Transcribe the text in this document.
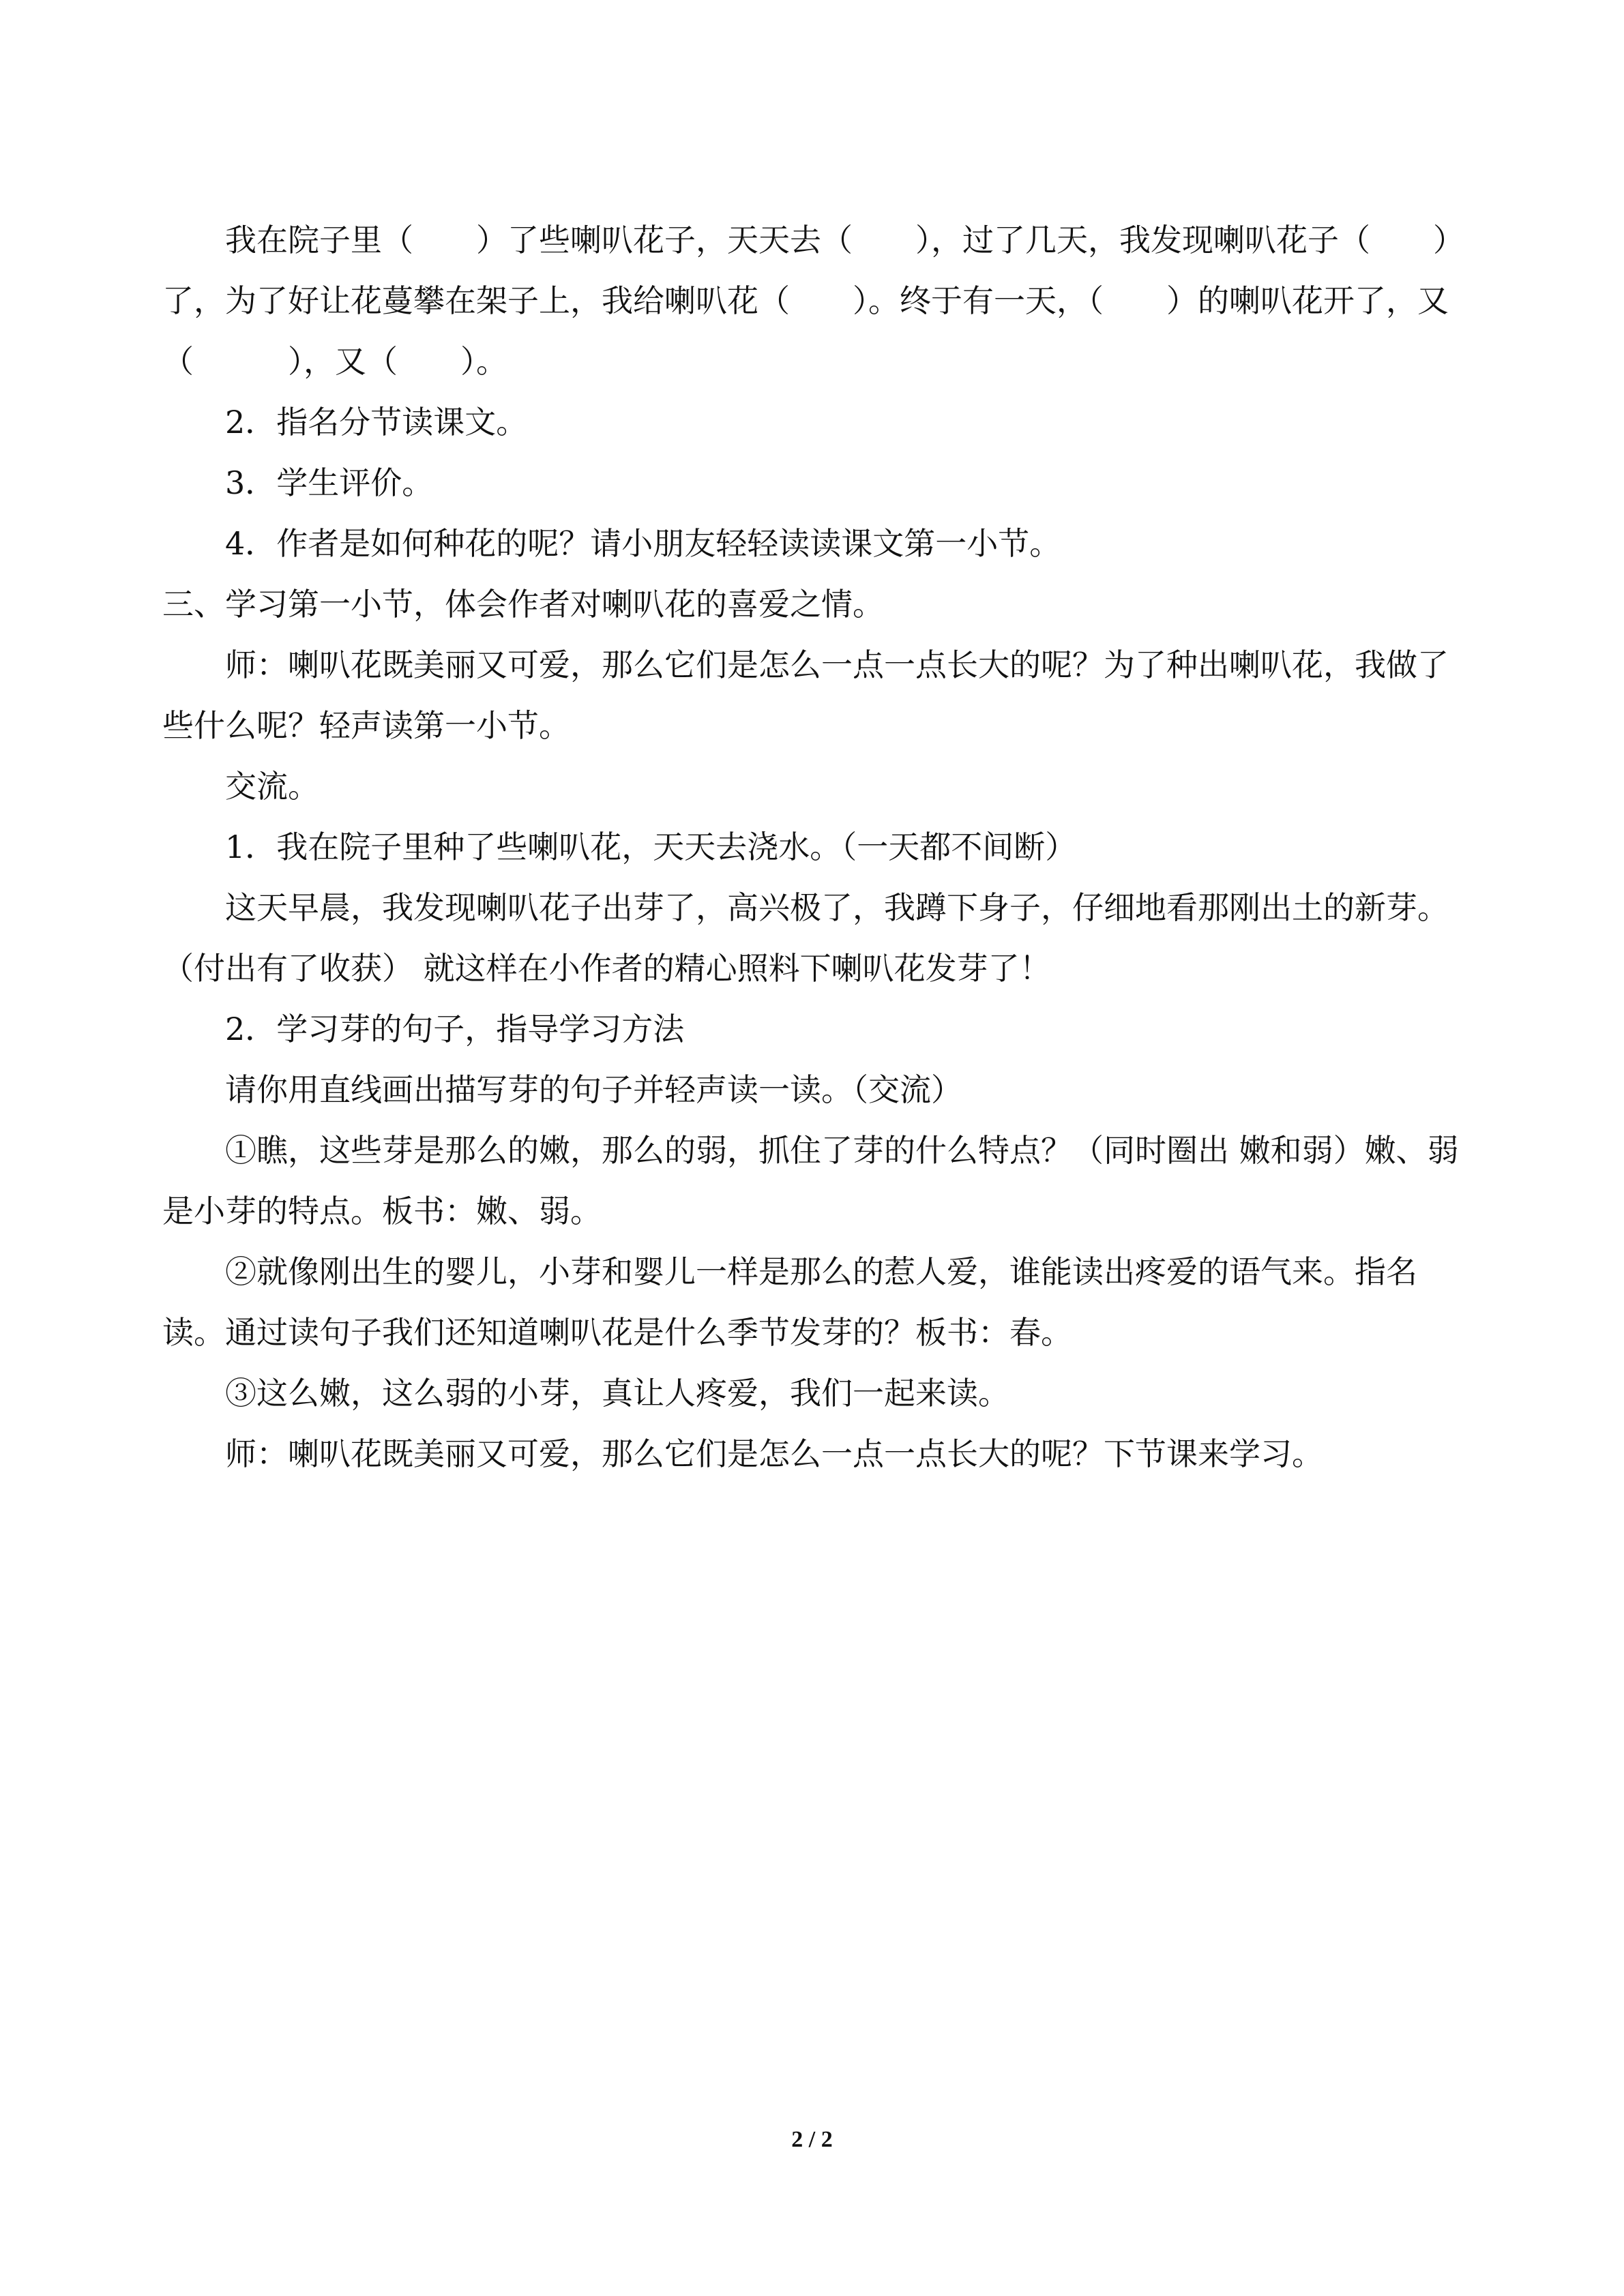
我在院子里（　　）了些喇叭花子，天天去（　　），过了几天，我发现喇叭花子（　　）了，为了好让花蔓攀在架子上，我给喇叭花（　　）。终于有一天，（　　）的喇叭花开了，又（　　　），又（　　）。

2．指名分节读课文。

3．学生评价。

4．作者是如何种花的呢？请小朋友轻轻读读课文第一小节。

三、学习第一小节，体会作者对喇叭花的喜爱之情。

师：喇叭花既美丽又可爱，那么它们是怎么一点一点长大的呢？为了种出喇叭花，我做了些什么呢？轻声读第一小节。

交流。

1．我在院子里种了些喇叭花，天天去浇水。（一天都不间断）

这天早晨，我发现喇叭花子出芽了，高兴极了，我蹲下身子，仔细地看那刚出土的新芽。（付出有了收获） 就这样在小作者的精心照料下喇叭花发芽了！

2．学习芽的句子，指导学习方法

请你用直线画出描写芽的句子并轻声读一读。（交流）

①瞧，这些芽是那么的嫩，那么的弱，抓住了芽的什么特点？（同时圈出 嫩和弱）嫩、弱是小芽的特点。板书：嫩、弱。

②就像刚出生的婴儿，小芽和婴儿一样是那么的惹人爱，谁能读出疼爱的语气来。指名读。通过读句子我们还知道喇叭花是什么季节发芽的？板书：春。

③这么嫩，这么弱的小芽，真让人疼爱，我们一起来读。

师：喇叭花既美丽又可爱，那么它们是怎么一点一点长大的呢？下节课来学习。

2 / 2
